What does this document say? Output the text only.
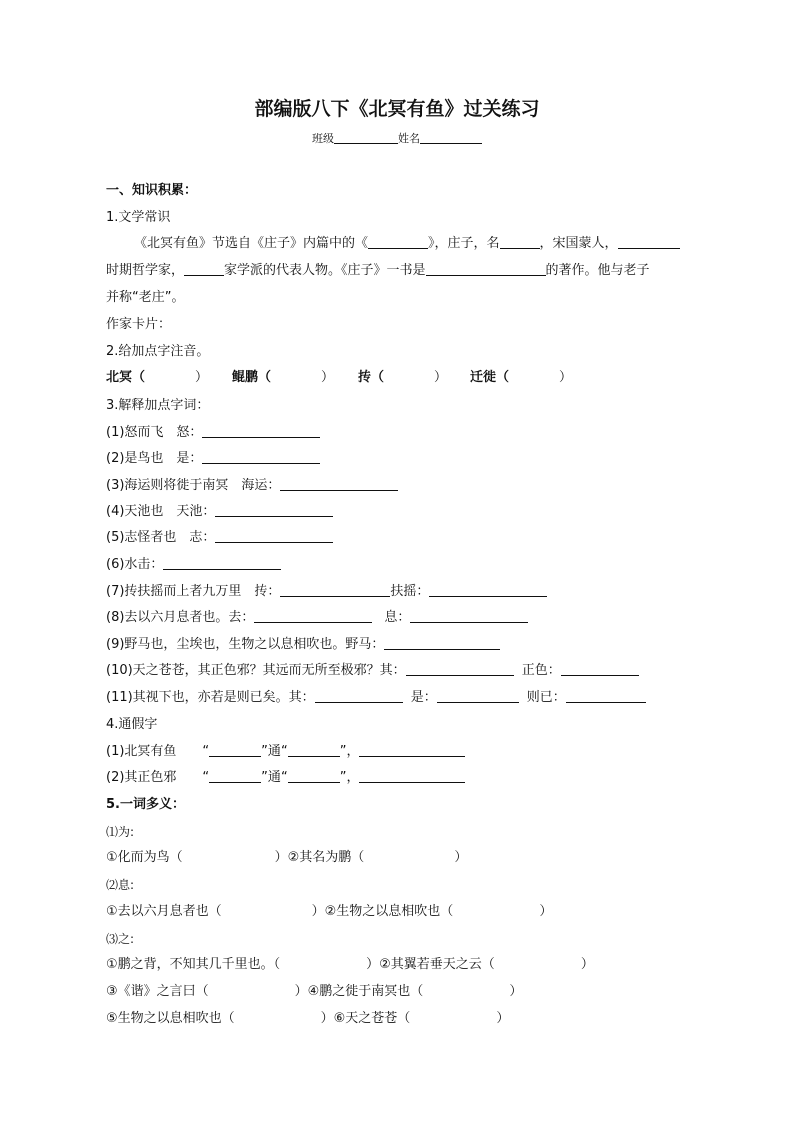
部编版八下《北冥有鱼》过关练习
班级	姓名
一、知识积累：
1.文学常识
《北冥有鱼》节选自《庄子》内篇中的《	》，庄子，名	，宋国蒙人，
时期哲学家，	家学派的代表人物。《庄子》一书是	的著作。他与老子
并称“老庄”。
作家卡片：
2.给加点字注音。
北冥（	） 鲲鹏（	） 抟（	） 迁徙（	）
3.解释加点字词：
(1)怒而飞　怒：
(2)是鸟也　是：
(3)海运则将徙于南冥　海运：
(4)天池也　天池：
(5)志怪者也　志：
(6)水击：
(7)抟扶摇而上者九万里　抟：	扶摇：
(8)去以六月息者也。去：	息：
(9)野马也，尘埃也，生物之以息相吹也。野马：
(10)天之苍苍，其正色邪？其远而无所至极邪？其：	正色：
(11)其视下也，亦若是则已矣。其：	是：	则已：
4.通假字
(1)北冥有鱼 “	”通“	”，
(2)其正色邪 “	”通“	”，
5.一词多义：
⑴为:
①化而为鸟（	）②其名为鹏（	）
⑵息:
①去以六月息者也（	）②生物之以息相吹也（	）
⑶之:
①鹏之背，不知其几千里也。（	）②其翼若垂天之云（	）
③《谐》之言曰（	）④鹏之徙于南冥也（	）
⑤生物之以息相吹也（	）⑥天之苍苍（	）
